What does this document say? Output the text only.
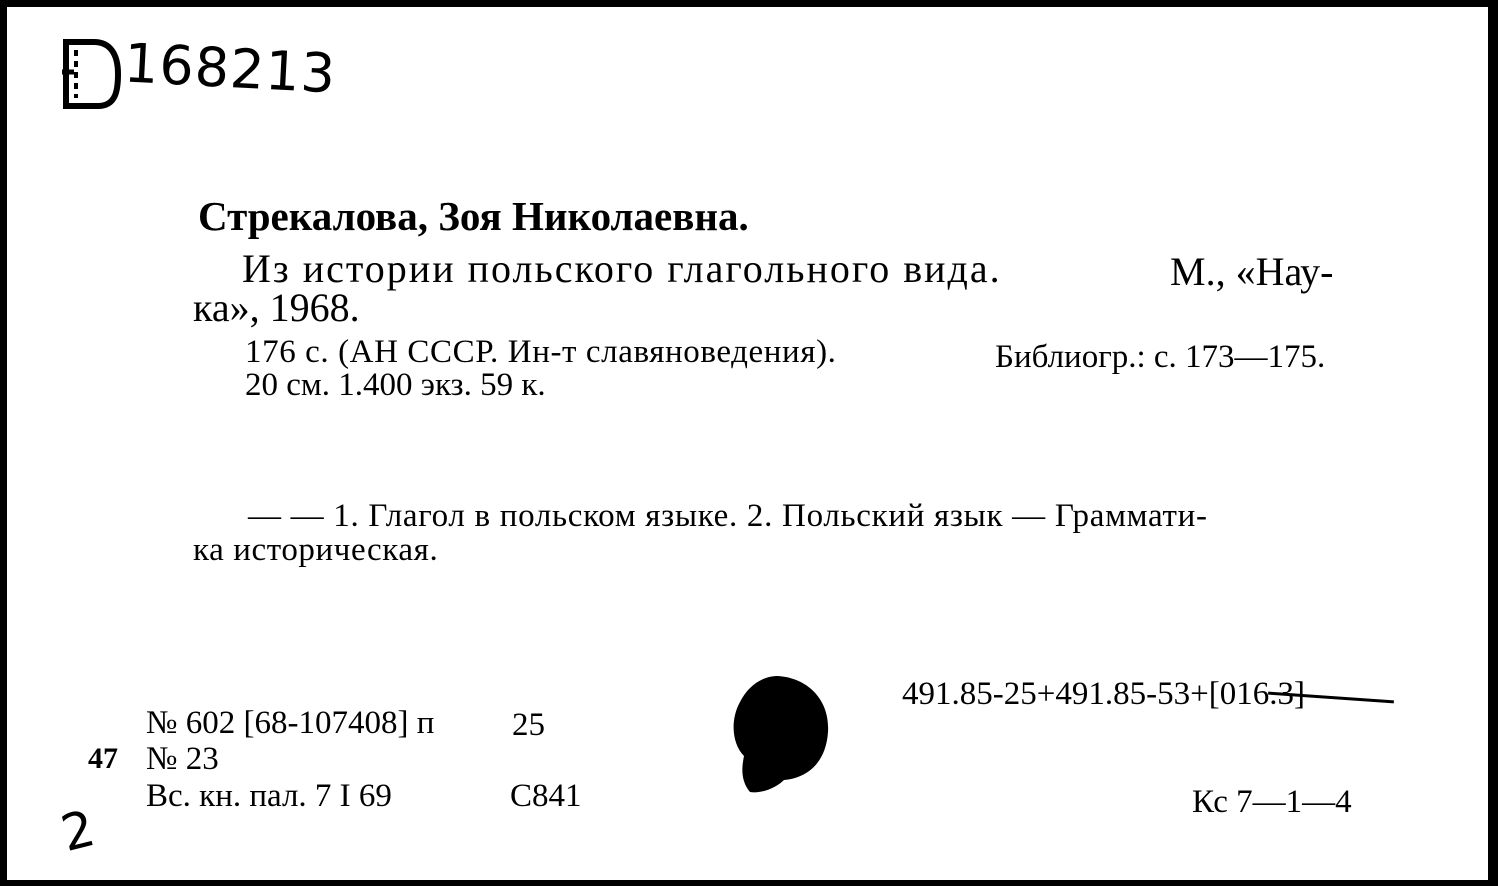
168213
Стрекалова, Зоя Николаевна.
Из истории польского глагольного вида.	М., «Нау-
ка», 1968.
176 с. (АН СССР. Ин-т славяноведения).	Библиогр.: с. 173—175.
20 см. 1.400 экз. 59 к.
— — 1. Глагол в польском языке. 2. Польский язык — Граммати-
ка историческая.
№ 602 [68-107408] п 25
47 № 23
Вс. кн. пал. 7 I 69	С841
491.85-25+491.85-53+[016.3]
Кс 7—1—4
2
